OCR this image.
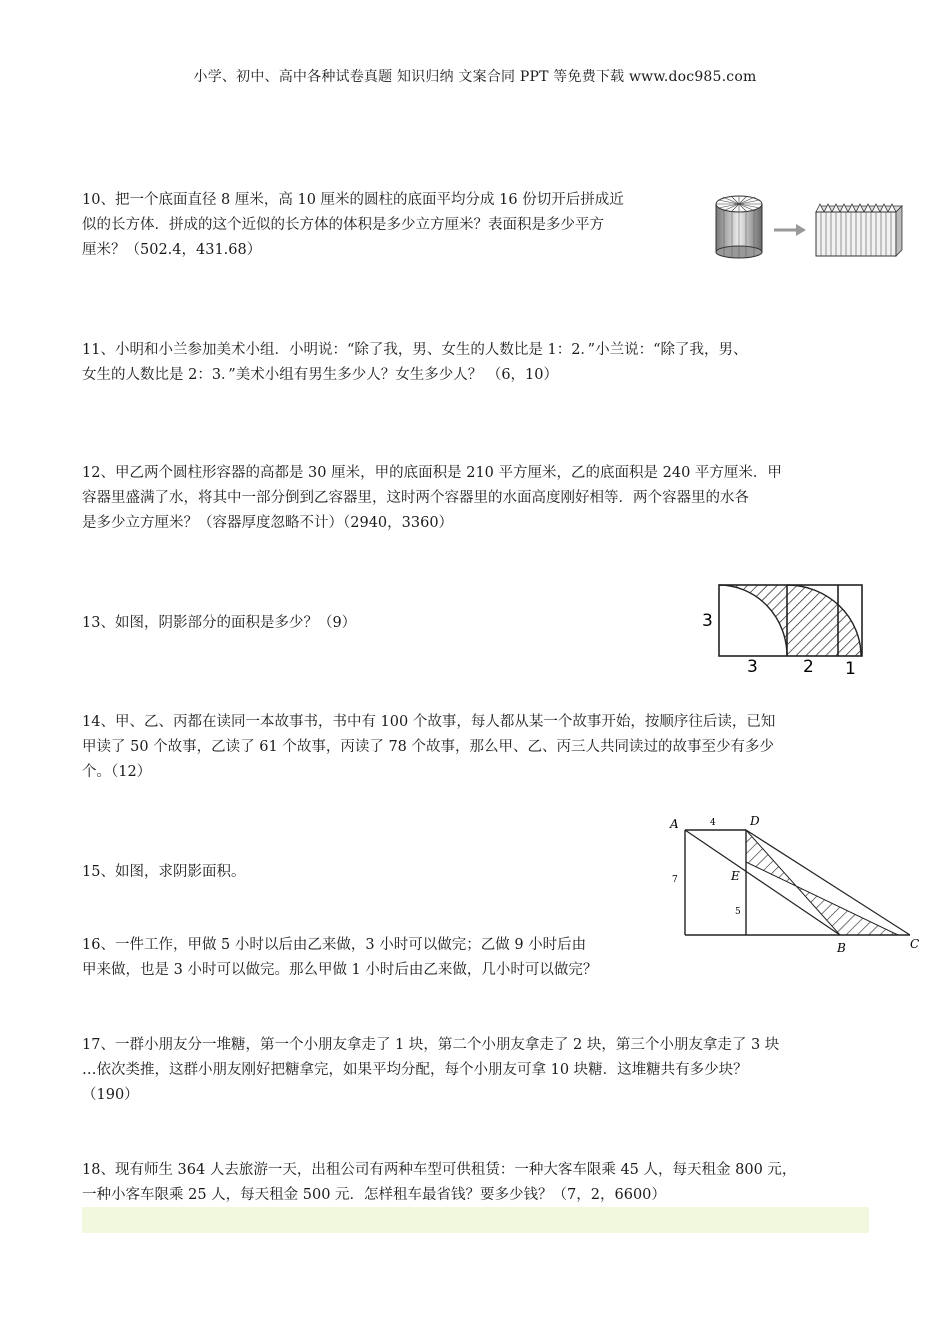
小学、初中、高中各种试卷真题 知识归纳 文案合同 PPT 等免费下载 www.doc985.com

10、把一个底面直径 8 厘米，高 10 厘米的圆柱的底面平均分成 16 份切开后拼成近

似的长方体．拼成的这个近似的长方体的体积是多少立方厘米？表面积是多少平方

厘米？（502.4，431.68）

11、小明和小兰参加美术小组．小明说：“除了我，男、女生的人数比是 1：2．”小兰说：“除了我，男、

女生的人数比是 2：3．”美术小组有男生多少人？女生多少人？ （6，10）

12、甲乙两个圆柱形容器的高都是 30 厘米，甲的底面积是 210 平方厘米，乙的底面积是 240 平方厘米．甲

容器里盛满了水，将其中一部分倒到乙容器里，这时两个容器里的水面高度刚好相等．两个容器里的水各

是多少立方厘米？（容器厚度忽略不计）（2940，3360）

13、如图，阴影部分的面积是多少？（9）	3
3	2 1

14、甲、乙、丙都在读同一本故事书，书中有 100 个故事，每人都从某一个故事开始，按顺序往后读，已知

甲读了 50 个故事，乙读了 61 个故事，丙读了 78 个故事，那么甲、乙、丙三人共同读过的故事至少有多少

个。（12）

15、如图，求阴影面积。

A	D
E
B	C
4
7
5

16、一件工作，甲做 5 小时以后由乙来做，3 小时可以做完；乙做 9 小时后由

甲来做，也是 3 小时可以做完。那么甲做 1 小时后由乙来做，几小时可以做完？

17、一群小朋友分一堆糖，第一个小朋友拿走了 1 块，第二个小朋友拿走了 2 块，第三个小朋友拿走了 3 块

…依次类推，这群小朋友刚好把糖拿完，如果平均分配，每个小朋友可拿 10 块糖．这堆糖共有多少块？

（190）

18、现有师生 364 人去旅游一天，出租公司有两种车型可供租赁：一种大客车限乘 45 人，每天租金 800 元，

一种小客车限乘 25 人，每天租金 500 元．怎样租车最省钱？要多少钱？（7，2，6600）
